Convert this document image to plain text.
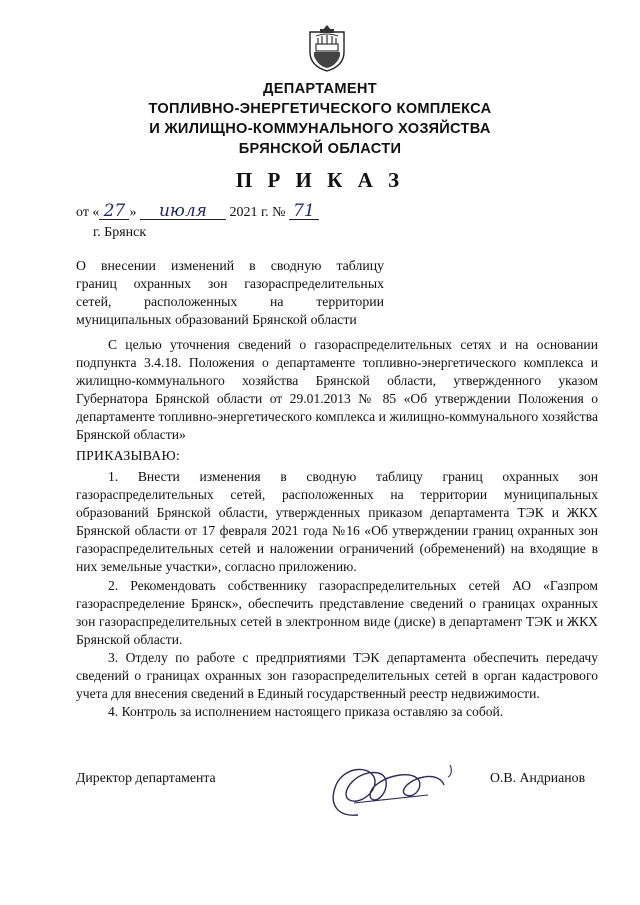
ДЕПАРТАМЕНТ
ТОПЛИВНО-ЭНЕРГЕТИЧЕСКОГО КОМПЛЕКСА
И ЖИЛИЩНО-КОММУНАЛЬНОГО ХОЗЯЙСТВА
БРЯНСКОЙ ОБЛАСТИ
П Р И К А З
от « 27 » июля 2021 г. № 71
г. Брянск
О внесении изменений в сводную таблицу
границ охранных зон газораспределительных
сетей, расположенных на территории
муниципальных образований Брянской области

С целью уточнения сведений о газораспределительных сетях и на основании подпункта 3.4.18. Положения о департаменте топливно-энергетического комплекса и жилищно-коммунального хозяйства Брянской области, утвержденного указом Губернатора Брянской области от 29.01.2013 № 85 «Об утверждении Положения о департаменте топливно-энергетического комплекса и жилищно-коммунального хозяйства Брянской области»

ПРИКАЗЫВАЮ:

1. Внести изменения в сводную таблицу границ охранных зон газораспределительных сетей, расположенных на территории муниципальных образований Брянской области, утвержденных приказом департамента ТЭК и ЖКХ Брянской области от 17 февраля 2021 года №16 «Об утверждении границ охранных зон газораспределительных сетей и наложении ограничений (обременений) на входящие в них земельные участки», согласно приложению.

2. Рекомендовать собственнику газораспределительных сетей АО «Газпром газораспределение Брянск», обеспечить представление сведений о границах охранных зон газораспределительных сетей в электронном виде (диске) в департамент ТЭК и ЖКХ Брянской области.

3. Отделу по работе с предприятиями ТЭК департамента обеспечить передачу сведений о границах охранных зон газораспределительных сетей в орган кадастрового учета для внесения сведений в Единый государственный реестр недвижимости.

4. Контроль за исполнением настоящего приказа оставляю за собой.

Директор департамента	О.В. Андрианов
